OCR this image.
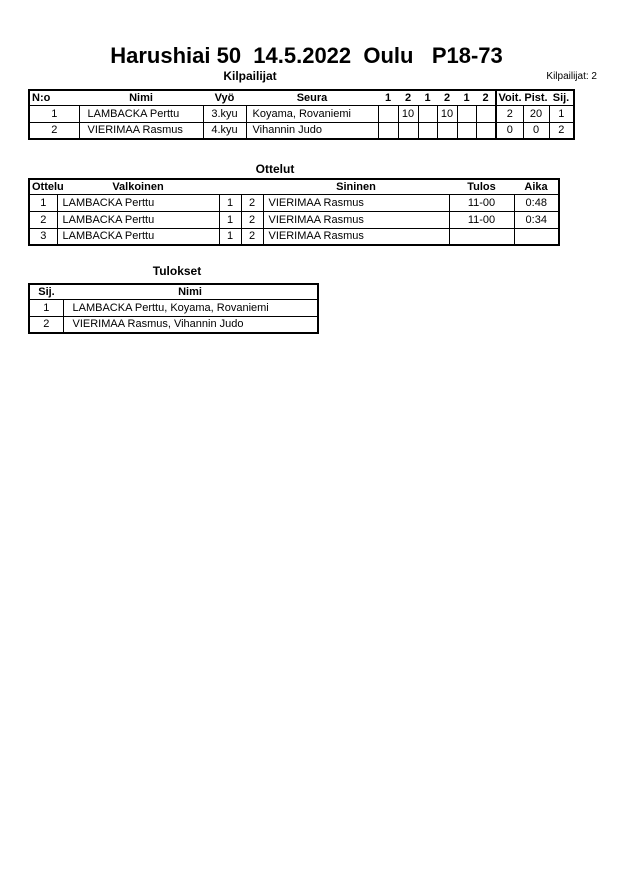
Harushiai 50  14.5.2022  Oulu   P18-73
Kilpailijat	Kilpailijat: 2
N:o	Nimi	Vyö	Seura	1	2	1	2	1	2	Voit.	Pist.	Sij.
1	LAMBACKA Perttu	3.kyu	Koyama, Rovaniemi		10		10			2	20	1
2	VIERIMAA Rasmus	4.kyu	Vihannin Judo							0	0	2
Ottelut
Ottelu	Valkoinen			Sininen	Tulos	Aika
1	LAMBACKA Perttu	1	2	VIERIMAA Rasmus	11-00	0:48
2	LAMBACKA Perttu	1	2	VIERIMAA Rasmus	11-00	0:34
3	LAMBACKA Perttu	1	2	VIERIMAA Rasmus		
Tulokset
Sij.	Nimi
1	LAMBACKA Perttu, Koyama, Rovaniemi
2	VIERIMAA Rasmus, Vihannin Judo
